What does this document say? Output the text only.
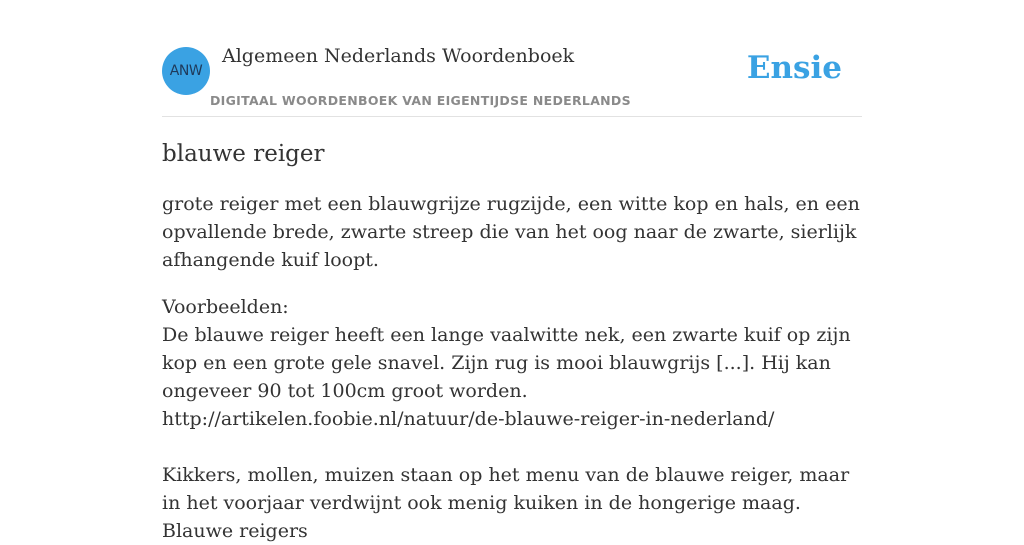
ANW
Algemeen Nederlands Woordenboek
DIGITAAL WOORDENBOEK VAN EIGENTIJDSE NEDERLANDS
Ensie
blauwe reiger

grote reiger met een blauwgrijze rugzijde, een witte kop en hals, en een opvallende brede, zwarte streep die van het oog naar de zwarte, sierlijk afhangende kuif loopt.

Voorbeelden:
De blauwe reiger heeft een lange vaalwitte nek, een zwarte kuif op zijn kop en een grote gele snavel. Zijn rug is mooi blauwgrijs [...]. Hij kan ongeveer 90 tot 100cm groot worden.
http://artikelen.foobie.nl/natuur/de-blauwe-reiger-in-nederland/
Kikkers, mollen, muizen staan op het menu van de blauwe reiger, maar in het voorjaar verdwijnt ook menig kuiken in de hongerige maag. Blauwe reigers
